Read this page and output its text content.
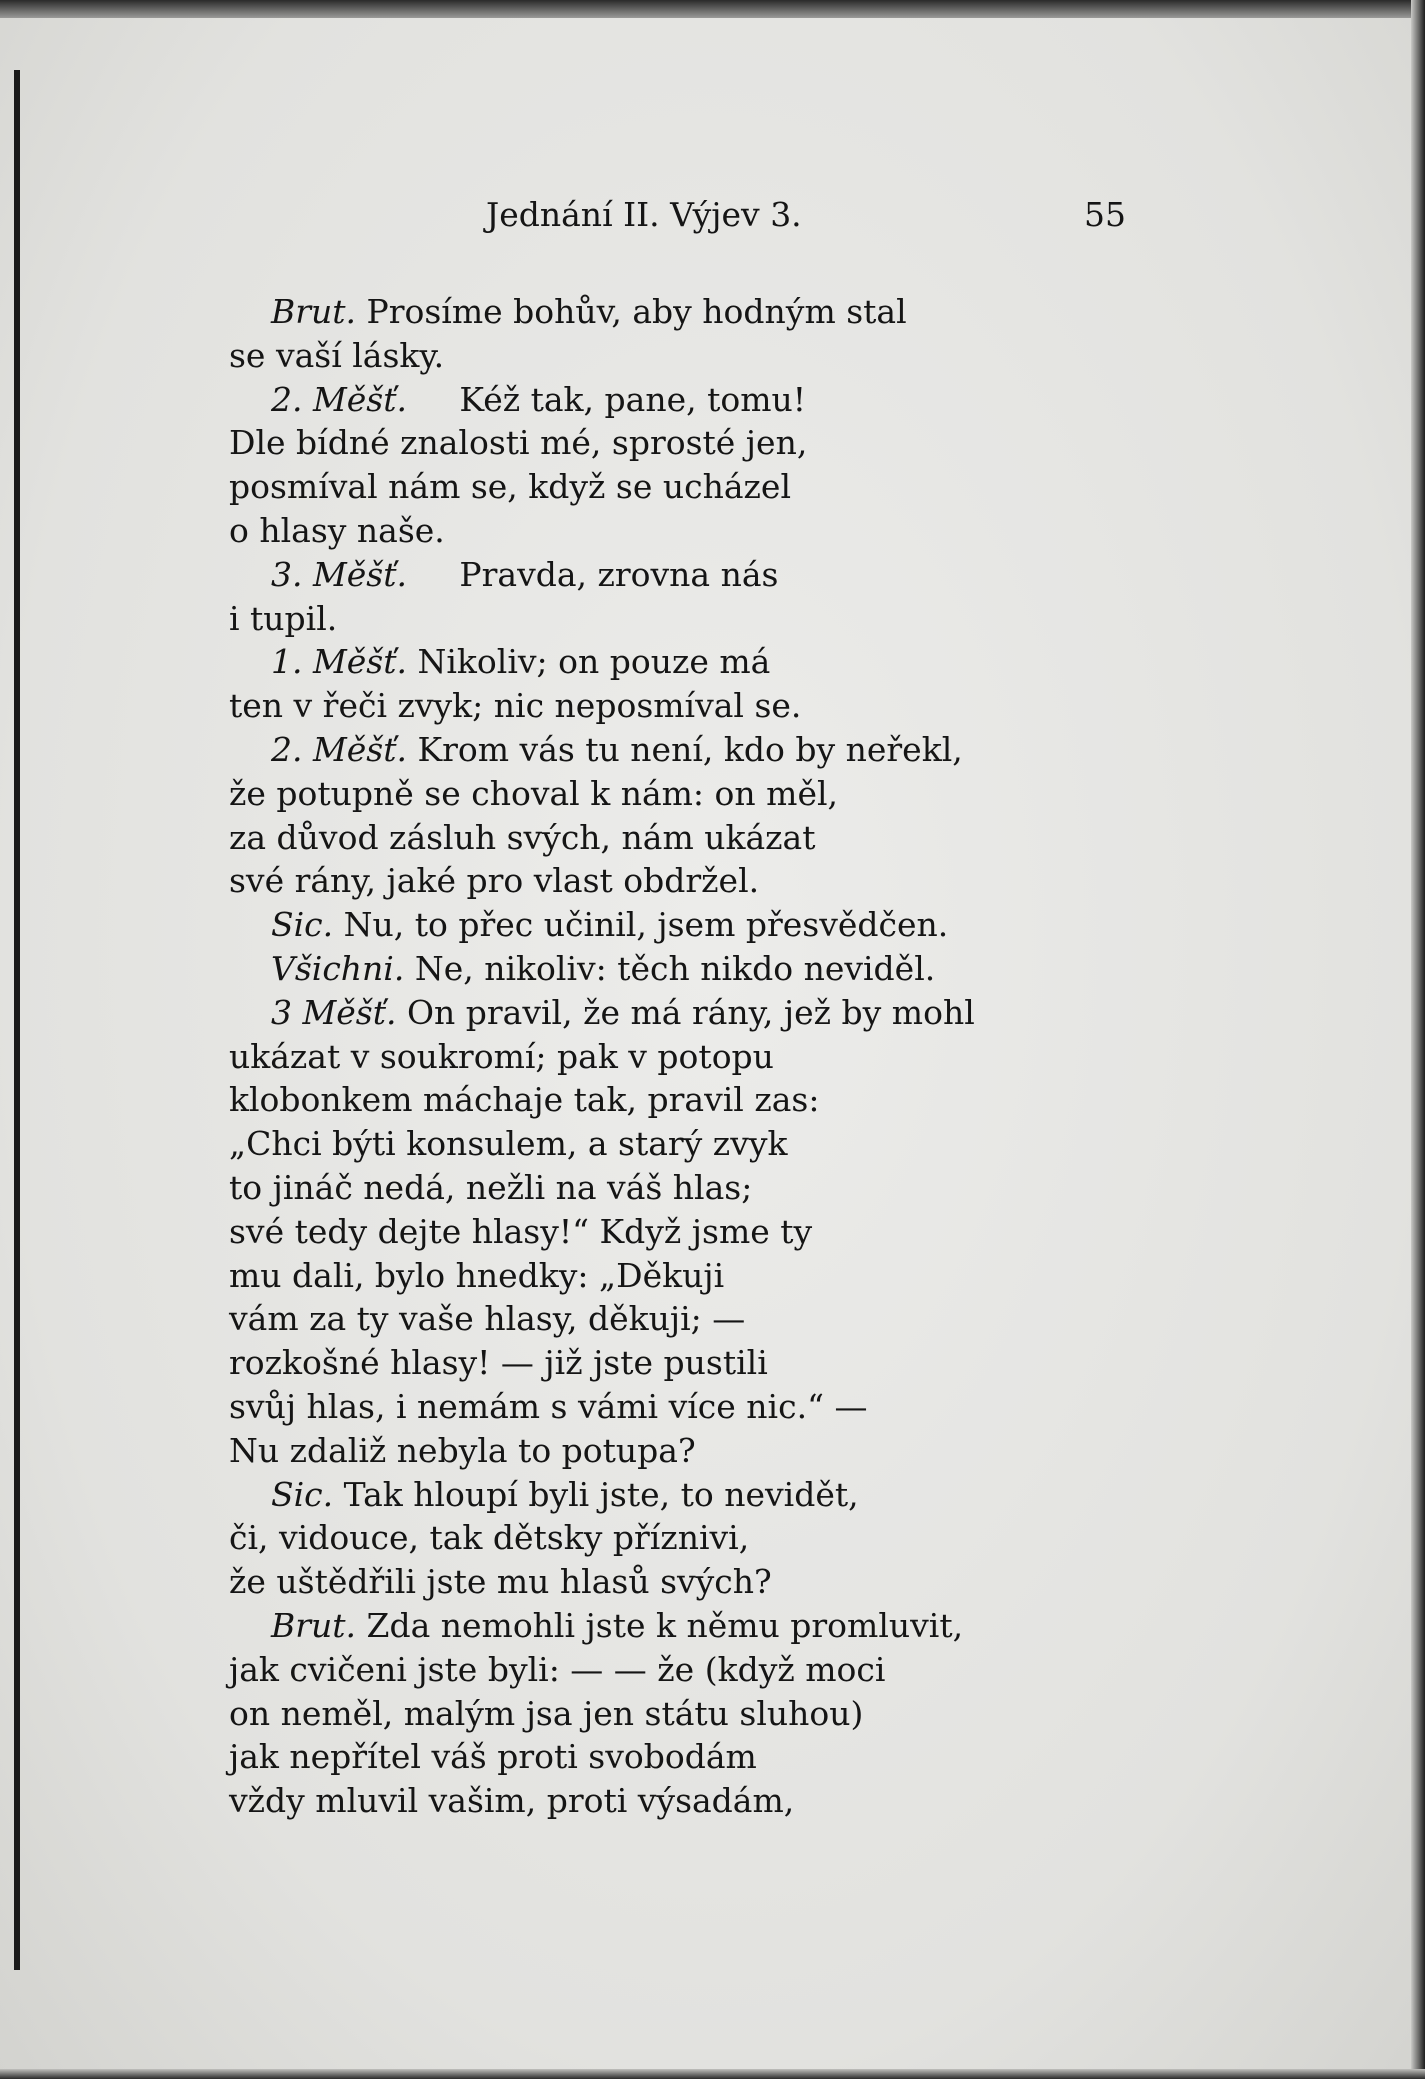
Jednání II. Výjev 3.	55
Brut. Prosíme bohův, aby hodným stal
se vaší lásky.
2. Měšť.     Kéž tak, pane, tomu!
Dle bídné znalosti mé, sprosté jen,
posmíval nám se, když se ucházel
o hlasy naše.
3. Měšť.     Pravda, zrovna nás
i tupil.
1. Měšť. Nikoliv; on pouze má
ten v řeči zvyk; nic neposmíval se.
2. Měšť. Krom vás tu není, kdo by neřekl,
že potupně se choval k nám: on měl,
za důvod zásluh svých, nám ukázat
své rány, jaké pro vlast obdržel.
Sic. Nu, to přec učinil, jsem přesvědčen.
Všichni. Ne, nikoliv: těch nikdo neviděl.
3 Měšť. On pravil, že má rány, jež by mohl
ukázat v soukromí; pak v potopu
klobonkem máchaje tak, pravil zas:
„Chci býti konsulem, a starý zvyk
to jináč nedá, nežli na váš hlas;
své tedy dejte hlasy!“ Když jsme ty
mu dali, bylo hnedky: „Děkuji
vám za ty vaše hlasy, děkuji; —
rozkošné hlasy! — již jste pustili
svůj hlas, i nemám s vámi více nic.“ —
Nu zdaliž nebyla to potupa?
Sic. Tak hloupí byli jste, to nevidět,
či, vidouce, tak dětsky příznivi,
že uštědřili jste mu hlasů svých?
Brut. Zda nemohli jste k němu promluvit,
jak cvičeni jste byli: — — že (když moci
on neměl, malým jsa jen státu sluhou)
jak nepřítel váš proti svobodám
vždy mluvil vašim, proti výsadám,
